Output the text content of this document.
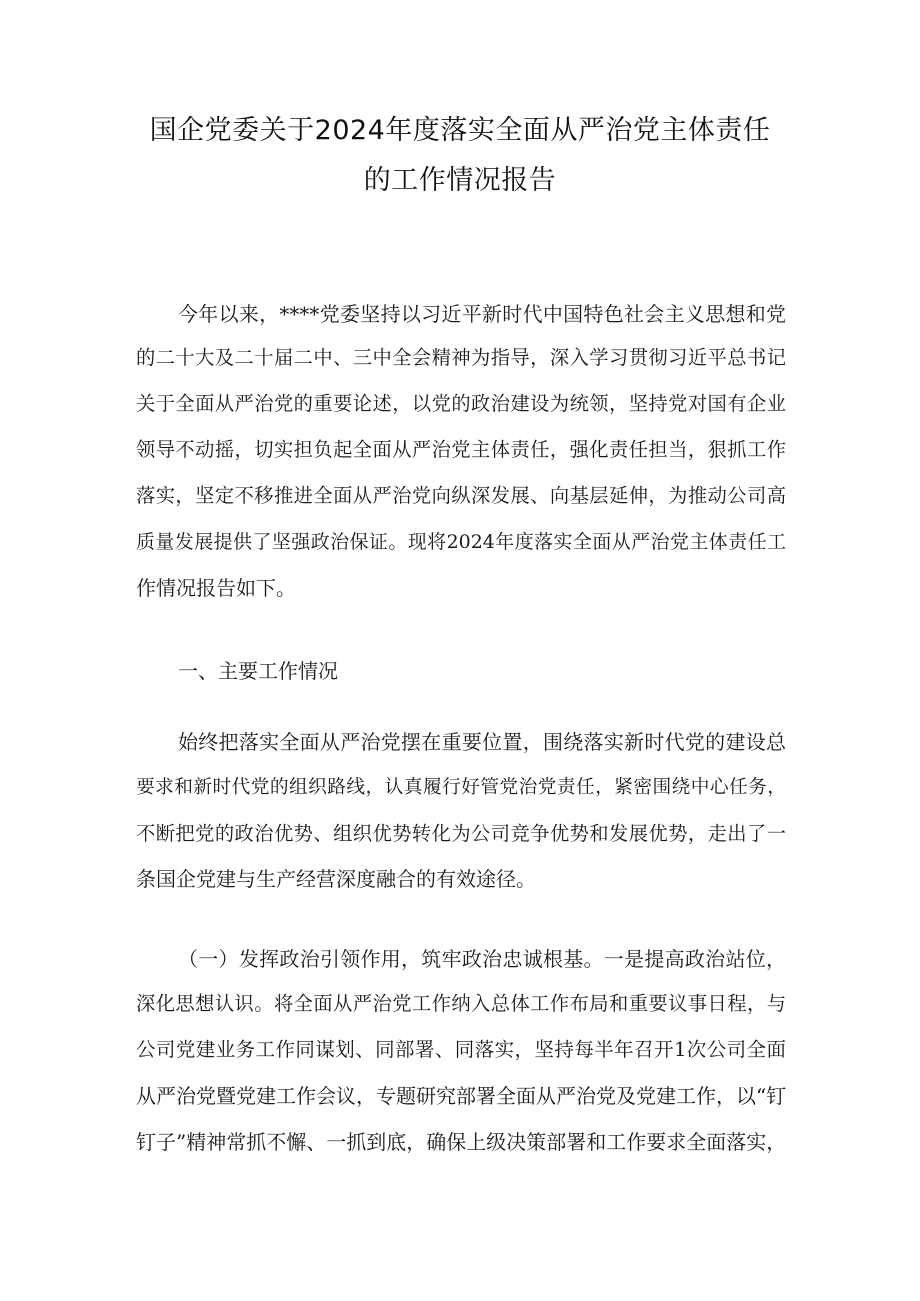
国企党委关于2024年度落实全面从严治党主体责任
的工作情况报告
今年以来，****党委坚持以习近平新时代中国特色社会主义思想和党
的二十大及二十届二中、三中全会精神为指导，深入学习贯彻习近平总书记
关于全面从严治党的重要论述，以党的政治建设为统领，坚持党对国有企业
领导不动摇，切实担负起全面从严治党主体责任，强化责任担当，狠抓工作
落实，坚定不移推进全面从严治党向纵深发展、向基层延伸，为推动公司高
质量发展提供了坚强政治保证。现将2024年度落实全面从严治党主体责任工
作情况报告如下。
一、主要工作情况
始终把落实全面从严治党摆在重要位置，围绕落实新时代党的建设总
要求和新时代党的组织路线，认真履行好管党治党责任，紧密围绕中心任务，
不断把党的政治优势、组织优势转化为公司竞争优势和发展优势，走出了一
条国企党建与生产经营深度融合的有效途径。
（一）发挥政治引领作用，筑牢政治忠诚根基。一是提高政治站位，
深化思想认识。将全面从严治党工作纳入总体工作布局和重要议事日程，与
公司党建业务工作同谋划、同部署、同落实，坚持每半年召开1次公司全面
从严治党暨党建工作会议，专题研究部署全面从严治党及党建工作，以“钉
钉子”精神常抓不懈、一抓到底，确保上级决策部署和工作要求全面落实，
